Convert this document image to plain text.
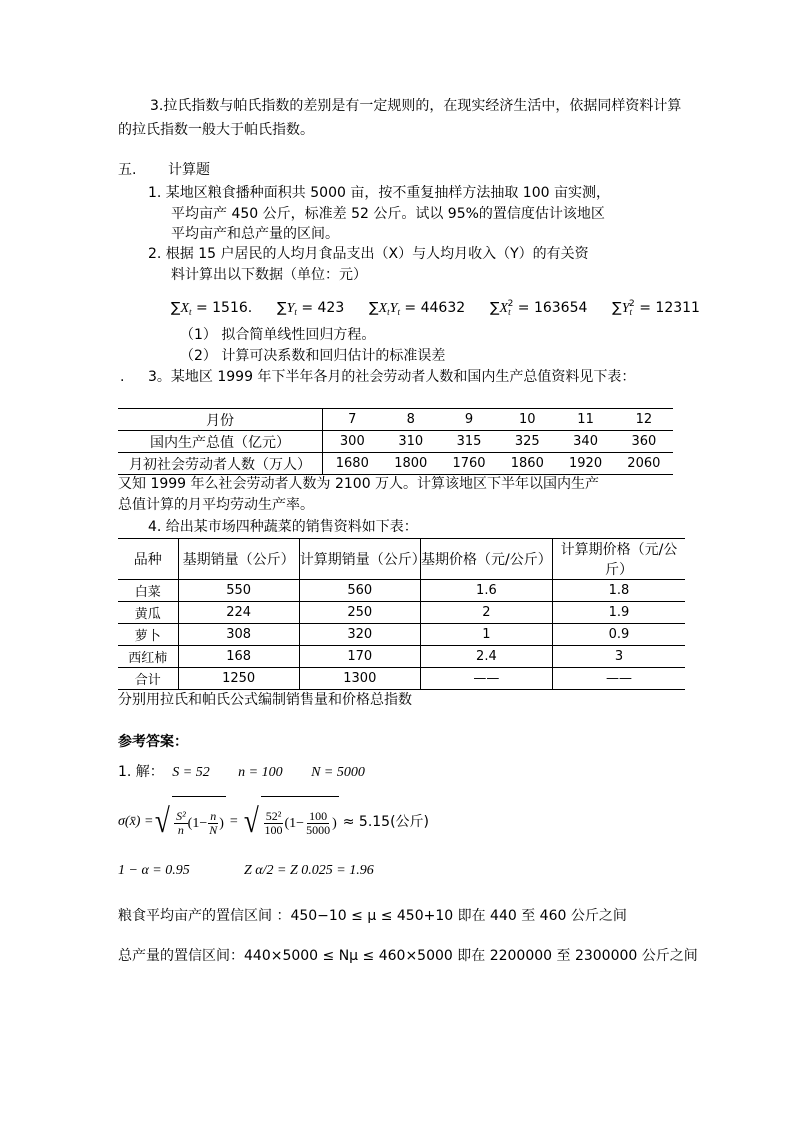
3.拉氏指数与帕氏指数的差别是有一定规则的，在现实经济生活中，依据同样资料计算
的拉氏指数一般大于帕氏指数。
五. 计算题
1. 某地区粮食播种面积共 5000 亩，按不重复抽样方法抽取 100 亩实测，
平均亩产 450 公斤，标准差 52 公斤。试以 95%的置信度估计该地区
平均亩产和总产量的区间。
2. 根据 15 户居民的人均月食品支出（X）与人均月收入（Y）的有关资
料计算出以下数据（单位：元）
$\sum X_t = 1516$. $\sum Y_t = 423$ $\sum X_tY_t = 44632$ $\sum X_t^2 = 163654$ $\sum Y_t^2 = 12311$
（1） 拟合简单线性回归方程。
（2） 计算可决系数和回归估计的标准误差
. 3。某地区 1999 年下半年各月的社会劳动者人数和国内生产总值资料见下表：
月份	7	8	9	10	11	12
国内生产总值（亿元）	300	310	315	325	340	360
月初社会劳动者人数（万人）	1680	1800	1760	1860	1920	2060
又知 1999 年么社会劳动者人数为 2100 万人。计算该地区下半年以国内生产
总值计算的月平均劳动生产率。
4. 给出某市场四种蔬菜的销售资料如下表：
品种	基期销量（公斤）	计算期销量（公斤）	基期价格（元/公斤）	计算期价格（元/公斤）
白菜	550	560	1.6	1.8
黄瓜	224	250	2	1.9
萝卜	308	320	1	0.9
西红柿	168	170	2.4	3
合计	1250	1300	——	——
分别用拉氏和帕氏公式编制销售量和价格总指数
参考答案：
1. 解： S = 52 n = 100 N = 5000
σ(x̄) = √ $\frac{\text{S²}}{n} (1- \frac{n}{N}$ ) = √ $\frac{\text{52²}}{100} (1- \frac{100}{5000}$ ) ≈ 5.15(公斤)
1 − α = 0.95	Z α/2 = Z 0.025 = 1.96
粮食平均亩产的置信区间 ：450−10 ≤ μ ≤ 450+10 即在 440 至 460 公斤之间
总产量的置信区间：440×5000 ≤ Nμ ≤ 460×5000 即在 2200000 至 2300000 公斤之间
